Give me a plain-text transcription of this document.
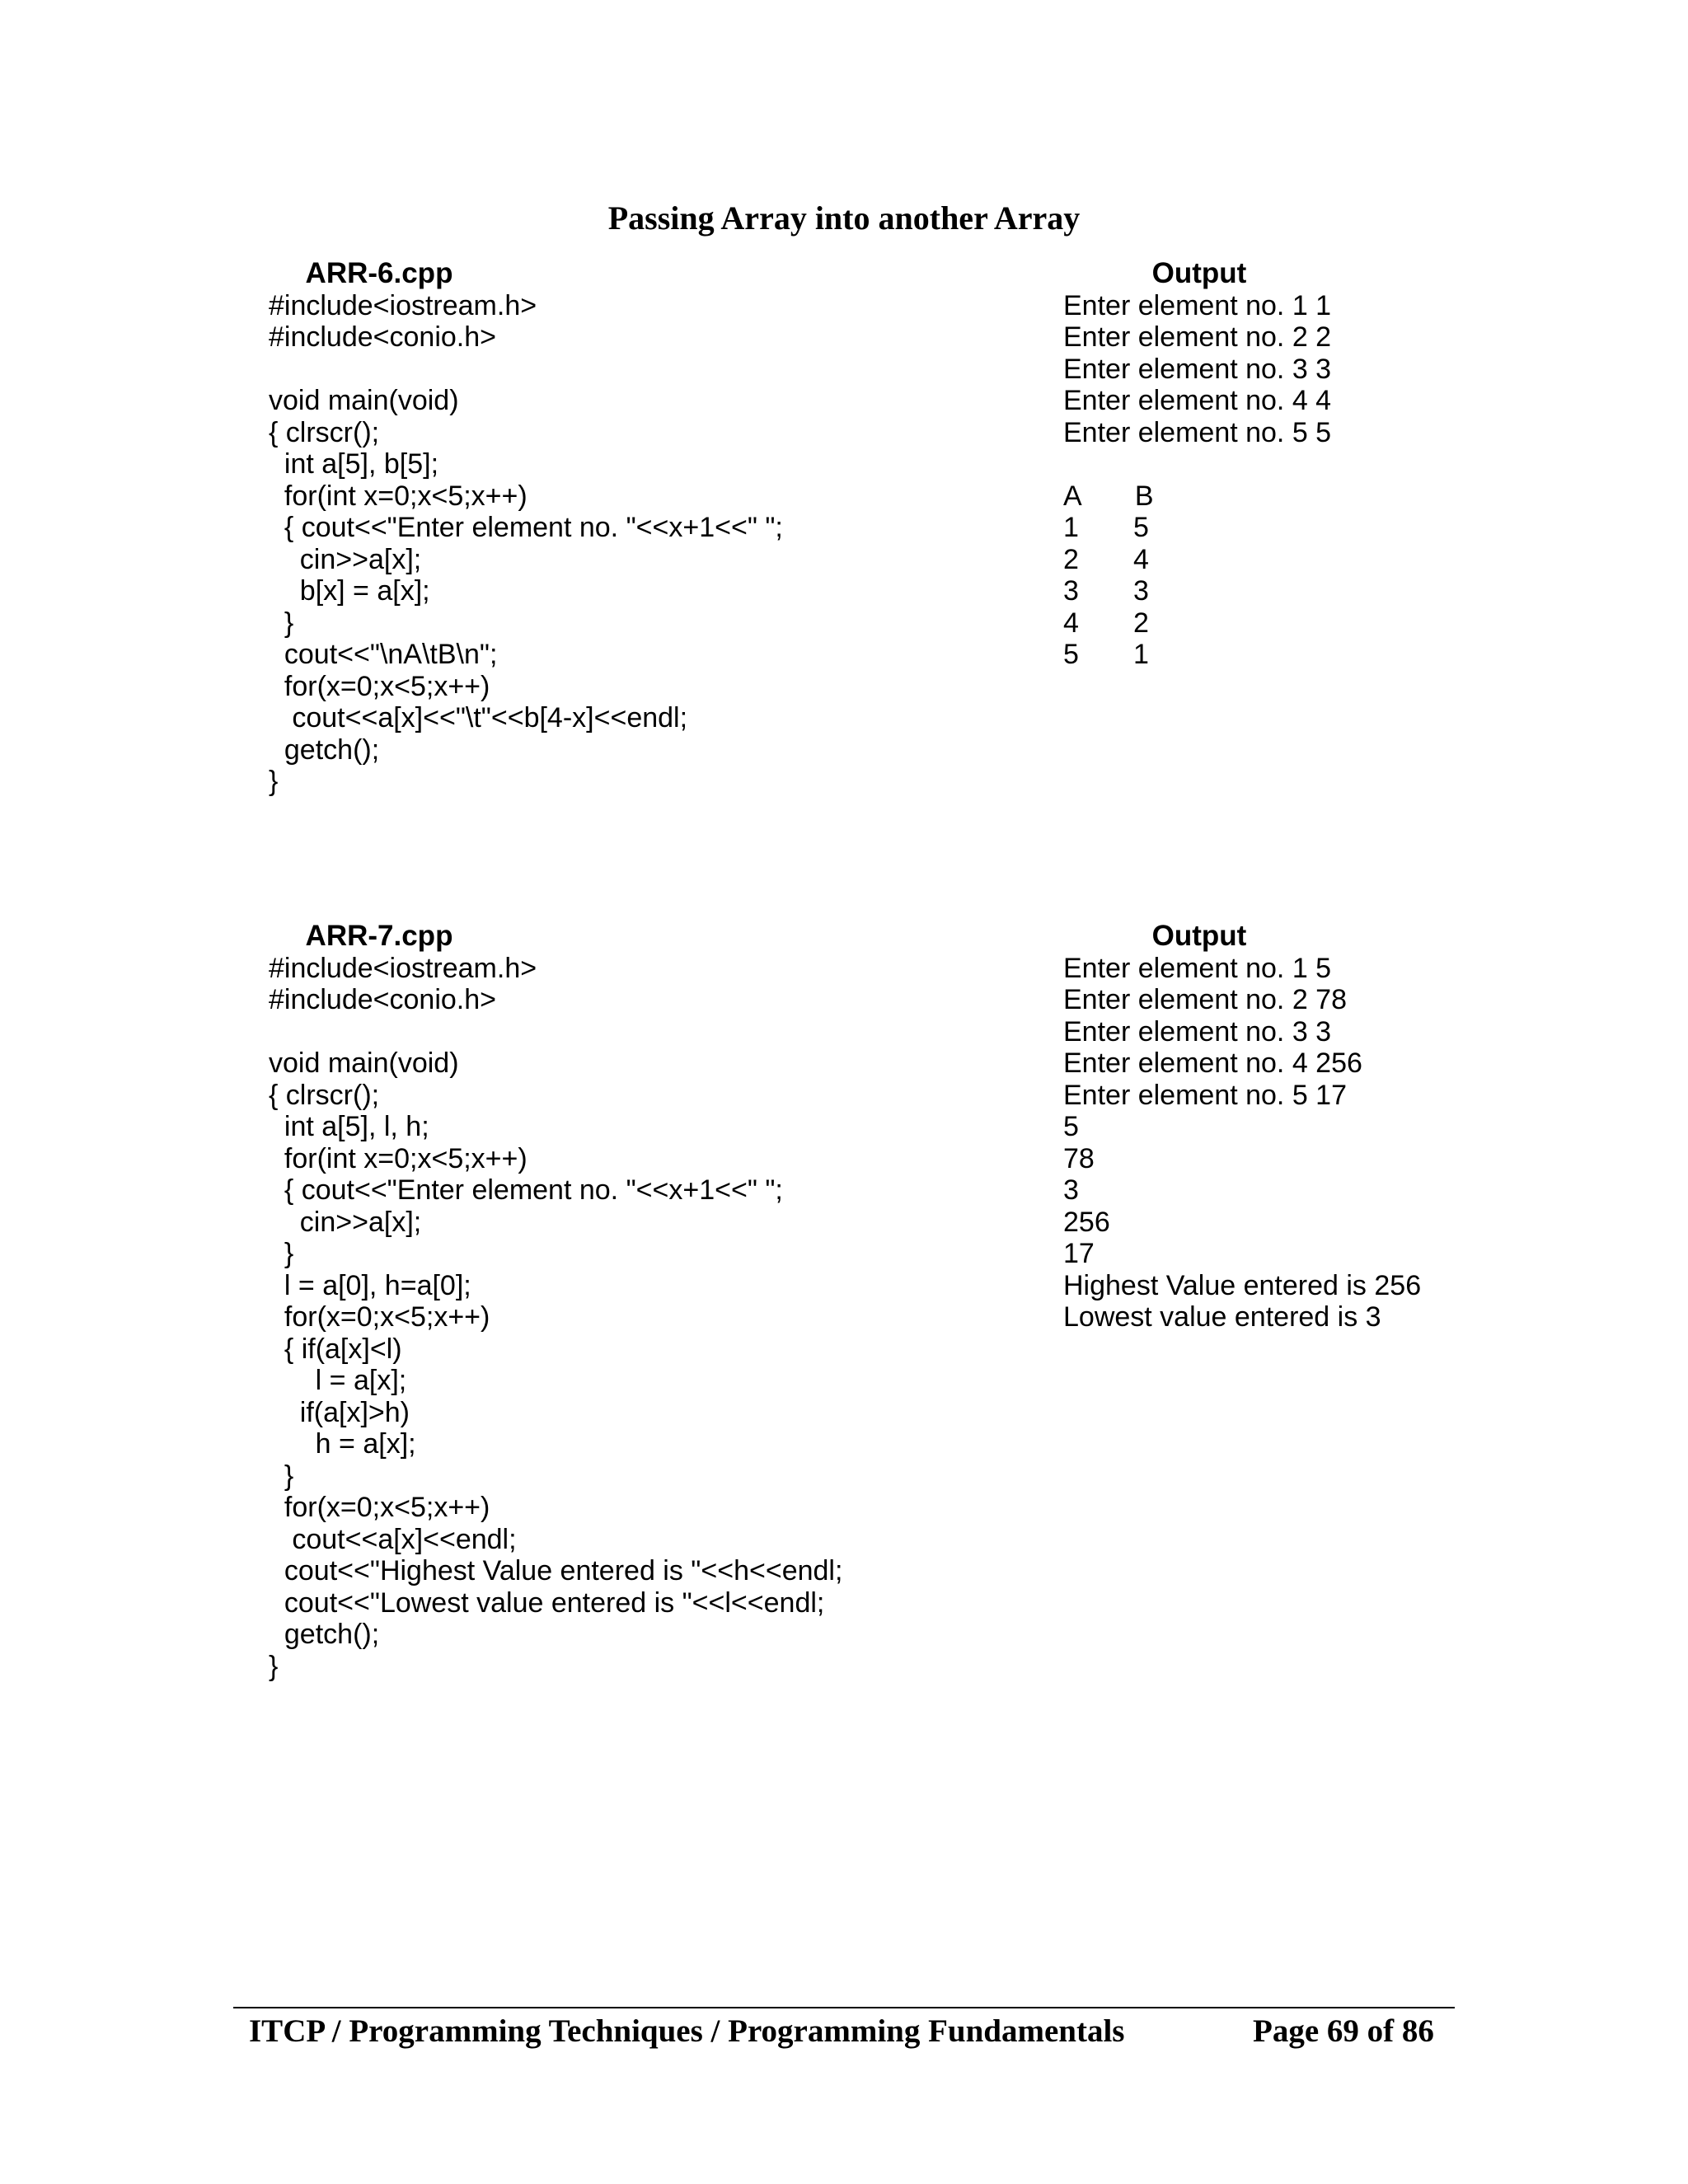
Passing Array into another Array
ARR-6.cpp	Output
#include<iostream.h>
#include<conio.h>
void main(void)
{ clrscr();
int a[5], b[5];
for(int x=0;x<5;x++)
{ cout<<"Enter element no. "<<x+1<<" ";
cin>>a[x];
b[x] = a[x];
}
cout<<"\nA\tB\n";
for(x=0;x<5;x++)
cout<<a[x]<<"\t"<<b[4-x]<<endl;
getch();
}
Enter element no. 1 1
Enter element no. 2 2
Enter element no. 3 3
Enter element no. 4 4
Enter element no. 5 5
A       B
1       5
2       4
3       3
4       2
5       1
ARR-7.cpp	Output
#include<iostream.h>
#include<conio.h>
void main(void)
{ clrscr();
int a[5], l, h;
for(int x=0;x<5;x++)
{ cout<<"Enter element no. "<<x+1<<" ";
cin>>a[x];
}
l = a[0], h=a[0];
for(x=0;x<5;x++)
{ if(a[x]<l)
l = a[x];
if(a[x]>h)
h = a[x];
}
for(x=0;x<5;x++)
cout<<a[x]<<endl;
cout<<"Highest Value entered is "<<h<<endl;
cout<<"Lowest value entered is "<<l<<endl;
getch();
}
Enter element no. 1 5
Enter element no. 2 78
Enter element no. 3 3
Enter element no. 4 256
Enter element no. 5 17
5
78
3
256
17
Highest Value entered is 256
Lowest value entered is 3
ITCP / Programming Techniques / Programming Fundamentals	Page 69 of 86
